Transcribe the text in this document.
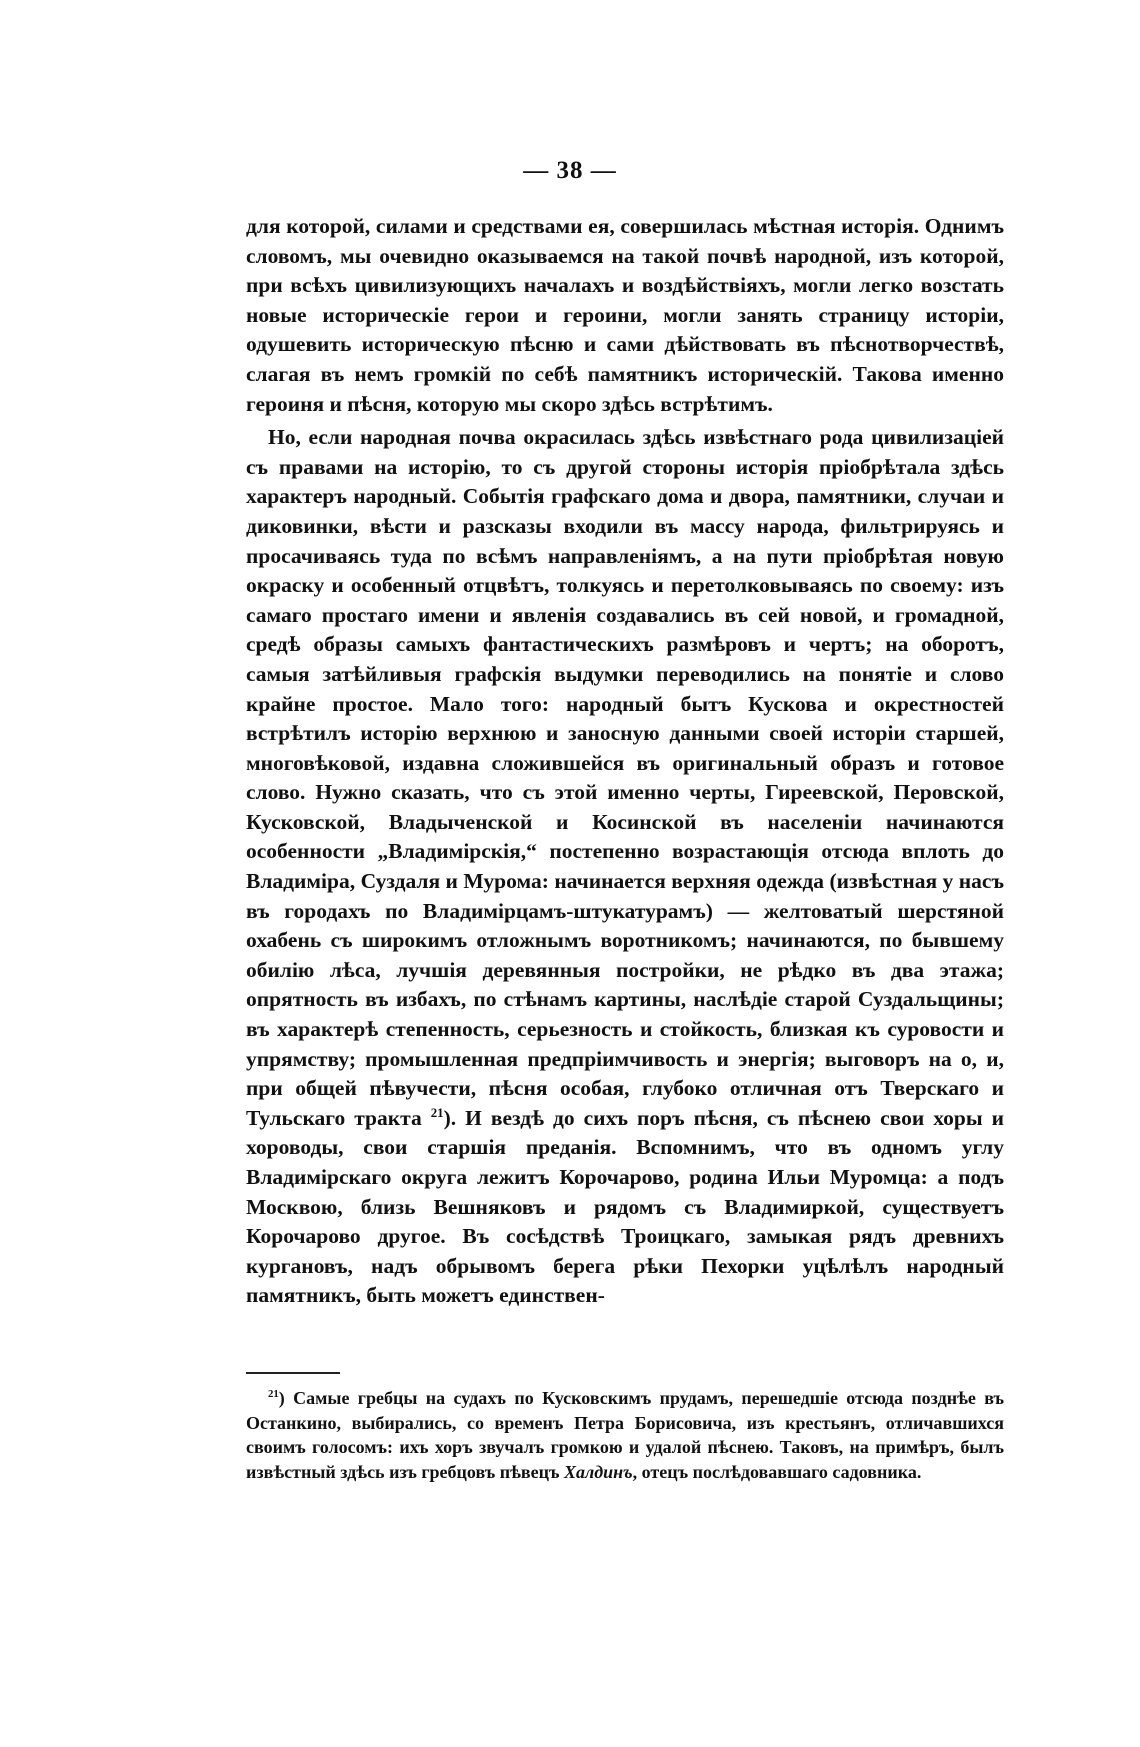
— 38 —

для которой, силами и средствами ея, совершилась мѣстная исторія. Однимъ словомъ, мы очевидно оказываемся на такой почвѣ народной, изъ которой, при всѣхъ цивилизующихъ началахъ и воздѣйствіяхъ, могли легко возстать новые историческіе герои и героини, могли занять страницу исторіи, одушевить историческую пѣсню и сами дѣйствовать въ пѣснотворчествѣ, слагая въ немъ громкій по себѣ памятникъ историческій. Такова именно героиня и пѣсня, которую мы скоро здѣсь встрѣтимъ.

Но, если народная почва окрасилась здѣсь извѣстнаго рода цивилизаціей съ правами на исторію, то съ другой стороны исторія пріобрѣтала здѣсь характеръ народный. Событія графскаго дома и двора, памятники, случаи и диковинки, вѣсти и разсказы входили въ массу народа, фильтрируясь и просачиваясь туда по всѣмъ направленіямъ, а на пути пріобрѣтая новую окраску и особенный отцвѣтъ, толкуясь и перетолковываясь по своему: изъ самаго простаго имени и явленія создавались въ сей новой, и громадной, средѣ образы самыхъ фантастическихъ размѣровъ и чертъ; на оборотъ, самыя затѣйливыя графскія выдумки переводились на понятіе и слово крайне простое. Мало того: народный бытъ Кускова и окрестностей встрѣтилъ исторію верхнюю и заносную данными своей исторіи старшей, многовѣковой, издавна сложившейся въ оригинальный образъ и готовое слово. Нужно сказать, что съ этой именно черты, Гиреевской, Перовской, Кусковской, Владыченской и Косинской въ населеніи начинаются особенности „Владимірскія,“ постепенно возрастающія отсюда вплоть до Владиміра, Суздаля и Мурома: начинается верхняя одежда (извѣстная у насъ въ городахъ по Владимірцамъ-штукатурамъ) — желтоватый шерстяной охабень съ широкимъ отложнымъ воротникомъ; начинаются, по бывшему обилію лѣса, лучшія деревянныя постройки, не рѣдко въ два этажа; опрятность въ избахъ, по стѣнамъ картины, наслѣдіе старой Суздальщины; въ характерѣ степенность, серьезность и стойкость, близкая къ суровости и упрямству; промышленная предпріимчивость и энергія; выговоръ на о, и, при общей пѣвучести, пѣсня особая, глубоко отличная отъ Тверскаго и Тульскаго тракта $^{21}$). И вездѣ до сихъ поръ пѣсня, съ пѣснею свои хоры и хороводы, свои старшія преданія. Вспомнимъ, что въ одномъ углу Владимірскаго округа лежитъ Корочарово, родина Ильи Муромца: а подъ Москвою, близь Вешняковъ и рядомъ съ Владимиркой, существуетъ Корочарово другое. Въ сосѣдствѣ Троицкаго, замыкая рядъ древнихъ кургановъ, надъ обрывомъ берега рѣки Пехорки уцѣлѣлъ народный памятникъ, быть можетъ единствен-

$^{21}$) Самые гребцы на судахъ по Кусковскимъ прудамъ, перешедшіе отсюда позднѣе въ Останкино, выбирались, со временъ Петра Борисовича, изъ крестьянъ, отличавшихся своимъ голосомъ: ихъ хоръ звучалъ громкою и удалой пѣснею. Таковъ, на примѣръ, былъ извѣстный здѣсь изъ гребцовъ пѣвецъ Халдинъ, отецъ послѣдовавшаго садовника.
